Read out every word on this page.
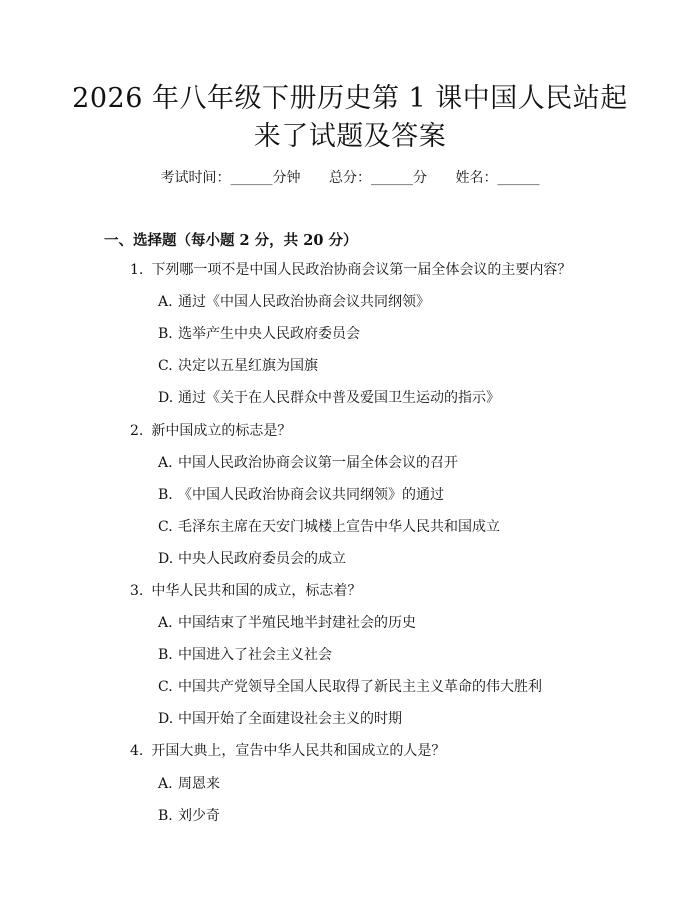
2026 年八年级下册历史第 1 课中国人民站起
来了试题及答案
考试时间：______分钟 总分：______分 姓名：______
一、选择题（每小题 2 分，共 20 分）
1. 下列哪一项不是中国人民政治协商会议第一届全体会议的主要内容？
A. 通过《中国人民政治协商会议共同纲领》
B. 选举产生中央人民政府委员会
C. 决定以五星红旗为国旗
D. 通过《关于在人民群众中普及爱国卫生运动的指示》
2. 新中国成立的标志是？
A. 中国人民政治协商会议第一届全体会议的召开
B. 《中国人民政治协商会议共同纲领》的通过
C. 毛泽东主席在天安门城楼上宣告中华人民共和国成立
D. 中央人民政府委员会的成立
3. 中华人民共和国的成立，标志着？
A. 中国结束了半殖民地半封建社会的历史
B. 中国进入了社会主义社会
C. 中国共产党领导全国人民取得了新民主主义革命的伟大胜利
D. 中国开始了全面建设社会主义的时期
4. 开国大典上，宣告中华人民共和国成立的人是？
A. 周恩来
B. 刘少奇
